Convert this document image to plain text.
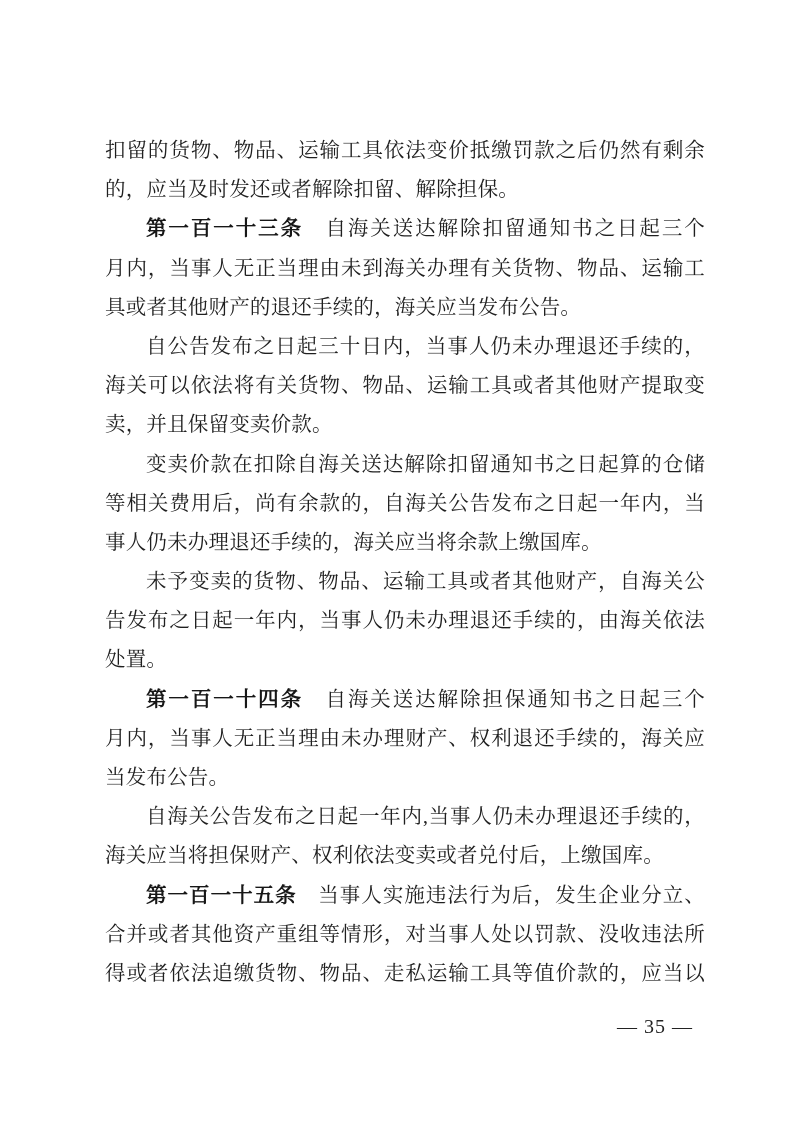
扣留的货物、物品、运输工具依法变价抵缴罚款之后仍然有剩余
的，应当及时发还或者解除扣留、解除担保。
第一百一十三条　自海关送达解除扣留通知书之日起三个
月内，当事人无正当理由未到海关办理有关货物、物品、运输工
具或者其他财产的退还手续的，海关应当发布公告。
自公告发布之日起三十日内，当事人仍未办理退还手续的，
海关可以依法将有关货物、物品、运输工具或者其他财产提取变
卖，并且保留变卖价款。
变卖价款在扣除自海关送达解除扣留通知书之日起算的仓储
等相关费用后，尚有余款的，自海关公告发布之日起一年内，当
事人仍未办理退还手续的，海关应当将余款上缴国库。
未予变卖的货物、物品、运输工具或者其他财产，自海关公
告发布之日起一年内，当事人仍未办理退还手续的，由海关依法
处置。
第一百一十四条　自海关送达解除担保通知书之日起三个
月内，当事人无正当理由未办理财产、权利退还手续的，海关应
当发布公告。
自海关公告发布之日起一年内,当事人仍未办理退还手续的，
海关应当将担保财产、权利依法变卖或者兑付后，上缴国库。
第一百一十五条　当事人实施违法行为后，发生企业分立、
合并或者其他资产重组等情形，对当事人处以罚款、没收违法所
得或者依法追缴货物、物品、走私运输工具等值价款的，应当以
— 35 —
